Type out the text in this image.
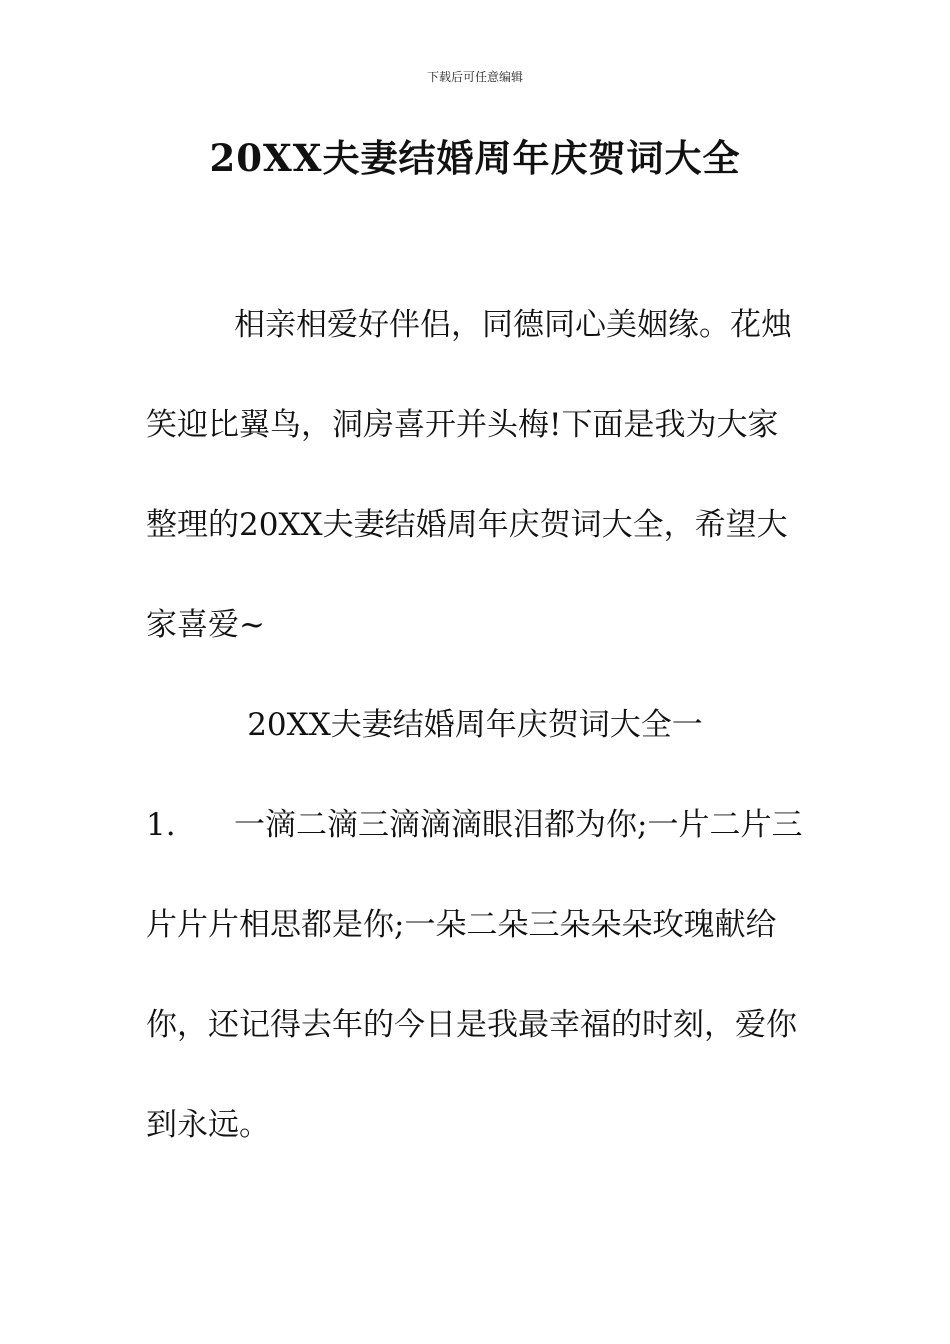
下载后可任意编辑
20XX夫妻结婚周年庆贺词大全

相亲相爱好伴侣，同德同心美姻缘。花烛笑迎比翼鸟，洞房喜开并头梅!下面是我为大家整理的20XX夫妻结婚周年庆贺词大全，希望大家喜爱~

20XX夫妻结婚周年庆贺词大全一

1. 一滴二滴三滴滴滴眼泪都为你;一片二片三片片片相思都是你;一朵二朵三朵朵朵玫瑰献给你，还记得去年的今日是我最幸福的时刻，爱你到永远。
